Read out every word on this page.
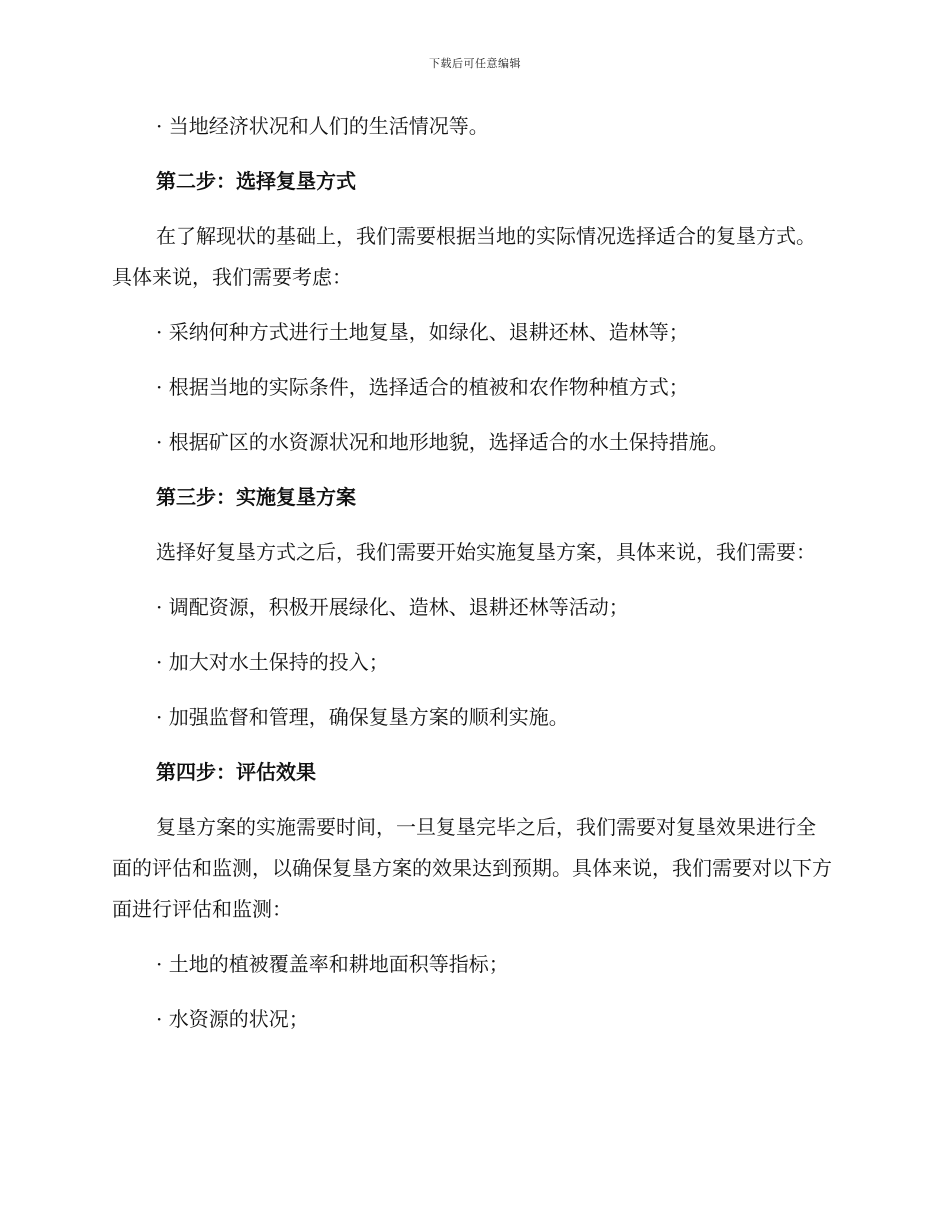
下载后可任意编辑

· 当地经济状况和人们的生活情况等。

第二步：选择复垦方式

在了解现状的基础上，我们需要根据当地的实际情况选择适合的复垦方式。具体来说，我们需要考虑：

· 采纳何种方式进行土地复垦，如绿化、退耕还林、造林等；

· 根据当地的实际条件，选择适合的植被和农作物种植方式；

· 根据矿区的水资源状况和地形地貌，选择适合的水土保持措施。

第三步：实施复垦方案

选择好复垦方式之后，我们需要开始实施复垦方案，具体来说，我们需要：

· 调配资源，积极开展绿化、造林、退耕还林等活动；

· 加大对水土保持的投入；

· 加强监督和管理，确保复垦方案的顺利实施。

第四步：评估效果

复垦方案的实施需要时间，一旦复垦完毕之后，我们需要对复垦效果进行全面的评估和监测，以确保复垦方案的效果达到预期。具体来说，我们需要对以下方面进行评估和监测：

· 土地的植被覆盖率和耕地面积等指标；

· 水资源的状况；
